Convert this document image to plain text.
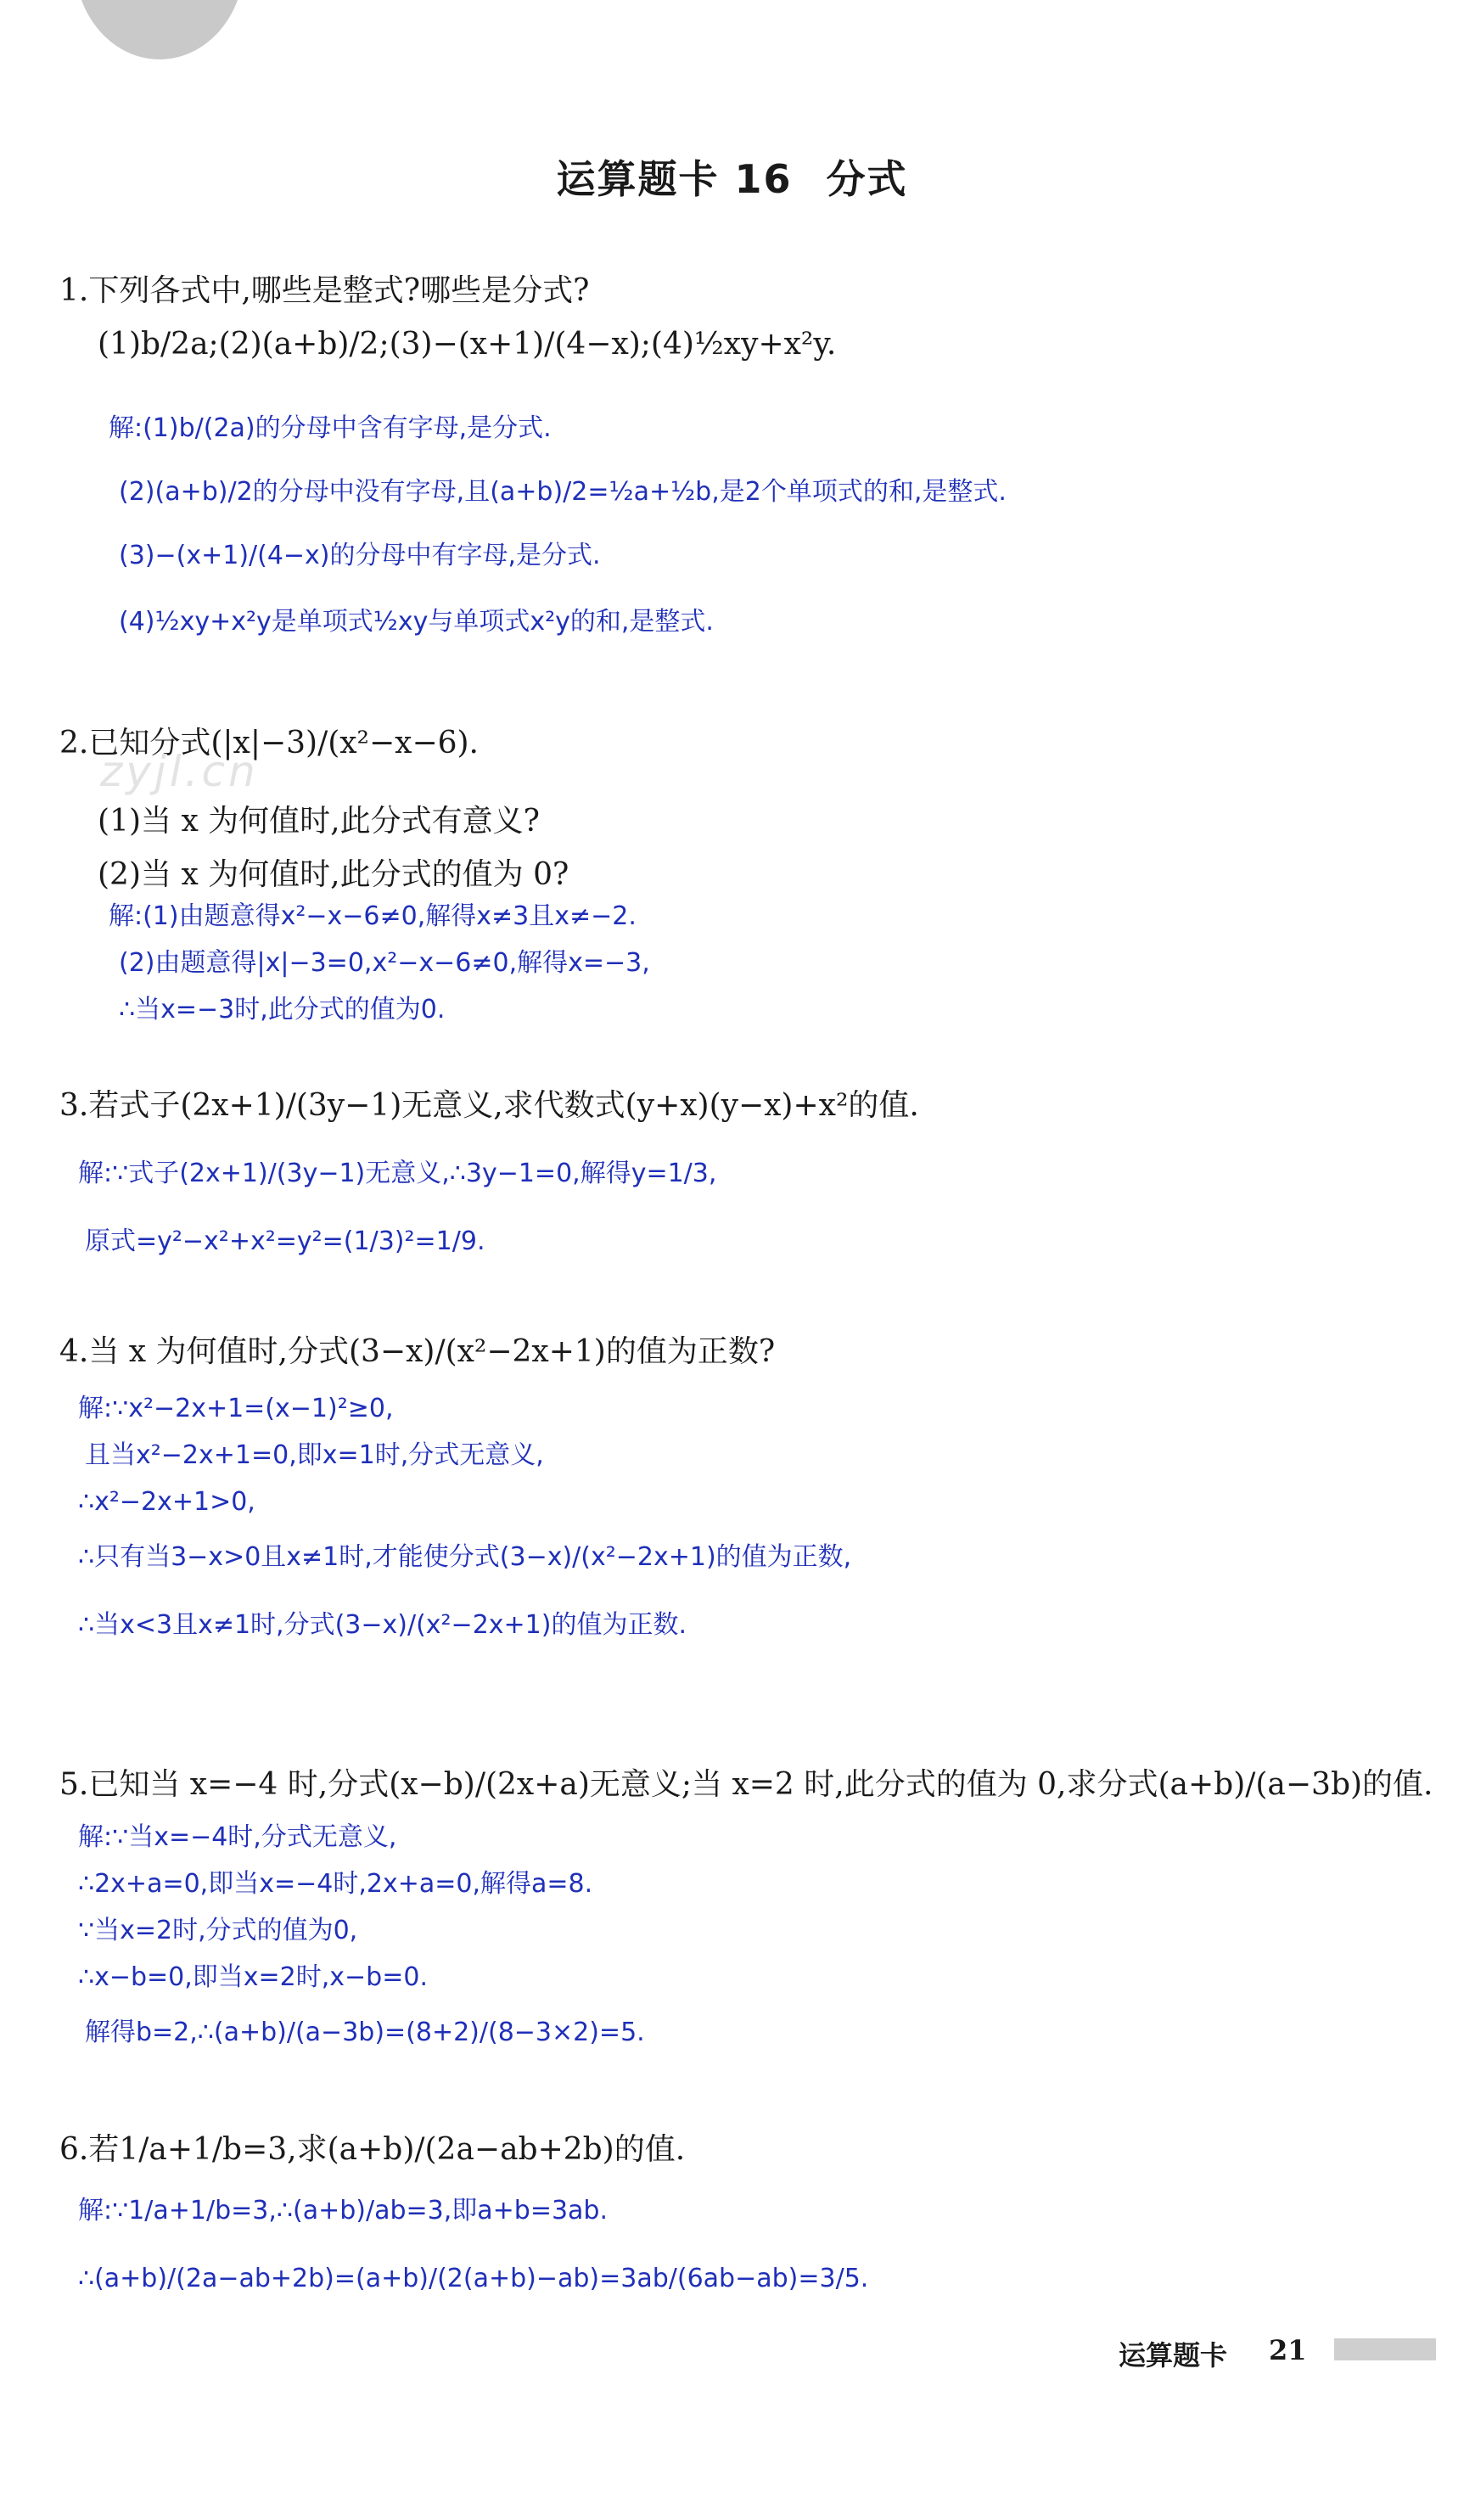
运算题卡 16 分式
zyjl.cn
1.下列各式中,哪些是整式?哪些是分式?
(1)b/2a;(2)(a+b)/2;(3)−(x+1)/(4−x);(4)½xy+x²y.
解:(1)b/(2a)的分母中含有字母,是分式.
(2)(a+b)/2的分母中没有字母,且(a+b)/2=½a+½b,是2个单项式的和,是整式.
(3)−(x+1)/(4−x)的分母中有字母,是分式.
(4)½xy+x²y是单项式½xy与单项式x²y的和,是整式.
2.已知分式(|x|−3)/(x²−x−6).
(1)当 x 为何值时,此分式有意义?
(2)当 x 为何值时,此分式的值为 0?
解:(1)由题意得x²−x−6≠0,解得x≠3且x≠−2.
(2)由题意得|x|−3=0,x²−x−6≠0,解得x=−3,
∴当x=−3时,此分式的值为0.
3.若式子(2x+1)/(3y−1)无意义,求代数式(y+x)(y−x)+x²的值.
解:∵式子(2x+1)/(3y−1)无意义,∴3y−1=0,解得y=1/3,
原式=y²−x²+x²=y²=(1/3)²=1/9.
4.当 x 为何值时,分式(3−x)/(x²−2x+1)的值为正数?
解:∵x²−2x+1=(x−1)²≥0,
且当x²−2x+1=0,即x=1时,分式无意义,
∴x²−2x+1>0,
∴只有当3−x>0且x≠1时,才能使分式(3−x)/(x²−2x+1)的值为正数,
∴当x<3且x≠1时,分式(3−x)/(x²−2x+1)的值为正数.
5.已知当 x=−4 时,分式(x−b)/(2x+a)无意义;当 x=2 时,此分式的值为 0,求分式(a+b)/(a−3b)的值.
解:∵当x=−4时,分式无意义,
∴2x+a=0,即当x=−4时,2x+a=0,解得a=8.
∵当x=2时,分式的值为0,
∴x−b=0,即当x=2时,x−b=0.
解得b=2,∴(a+b)/(a−3b)=(8+2)/(8−3×2)=5.
6.若1/a+1/b=3,求(a+b)/(2a−ab+2b)的值.
解:∵1/a+1/b=3,∴(a+b)/ab=3,即a+b=3ab.
∴(a+b)/(2a−ab+2b)=(a+b)/(2(a+b)−ab)=3ab/(6ab−ab)=3/5.
运算题卡 21
